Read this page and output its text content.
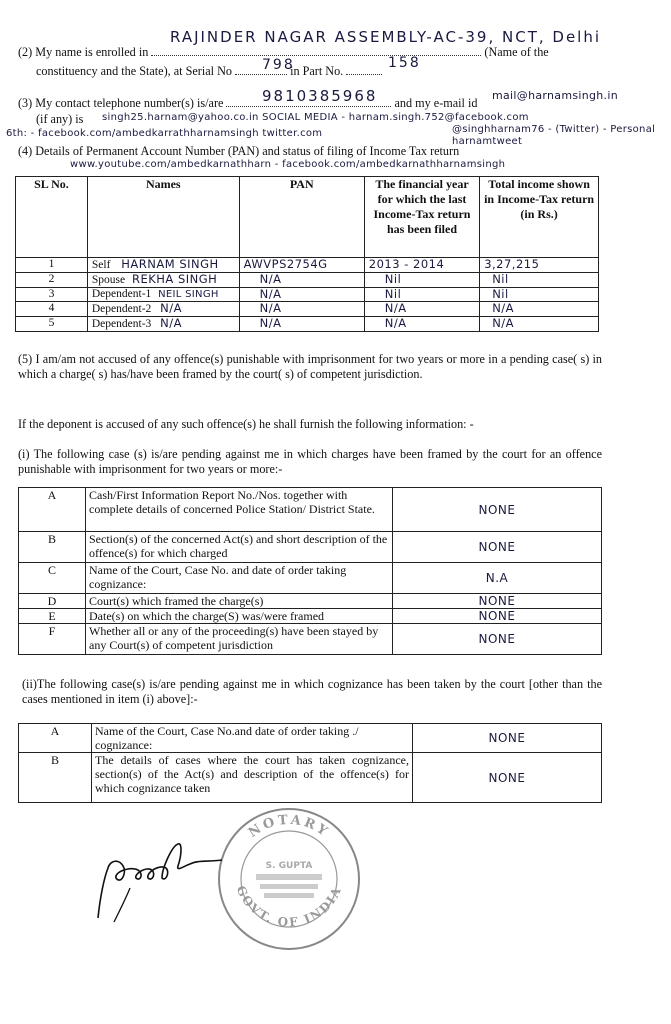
(2) My name is enrolled in	(Name of the
RAJINDER NAGAR ASSEMBLY-AC-39, NCT, Delhi
constituency and the State), at Serial No	in Part No.
798	158
mail@harnamsingh.in
(3) My contact telephone number(s) is/are	and my e-mail id
9810385968
(if any) is singh25.harnam@yahoo.co.in SOCIAL MEDIA - harnam.singh.752@facebook.com
6th: - facebook.com/ambedkarrathharnamsingh twitter.com	@singhharnam76 - (Twitter) - Personal harnamtweet
(4) Details of Permanent Account Number (PAN) and status of filing of Income Tax return
www.youtube.com/ambedkarnathharn - facebook.com/ambedkarnathharnamsingh
SL No.	Names	PAN	The financial year for which the last Income-Tax return has been filed	Total income shown in Income-Tax return (in Rs.)
1	Self HARNAM SINGH	AWVPS2754G	2013 - 2014	3,27,215
2	Spouse REKHA SINGH	N/A	Nil	Nil
3	Dependent-1 NEIL SINGH	N/A	Nil	Nil
4	Dependent-2 N/A	N/A	N/A	N/A
5	Dependent-3 N/A	N/A	N/A	N/A
(5) I am/am not accused of any offence(s) punishable with imprisonment for two years or more in a pending case( s) in which a charge( s) has/have been framed by the court( s) of competent jurisdiction.
If the deponent is accused of any such offence(s) he shall furnish the following information: -
(i) The following case (s) is/are pending against me in which charges have been framed by the court for an offence punishable with imprisonment for two years or more:-
A	Cash/First Information Report No./Nos. together with complete details of concerned Police Station/ District State.	NONE
B	Section(s) of the concerned Act(s) and short description of the offence(s) for which charged	NONE
C	Name of the Court, Case No. and date of order taking cognizance:	N.A
D	Court(s) which framed the charge(s)	NONE
E	Date(s) on which the charge(S) was/were framed	NONE
F	Whether all or any of the proceeding(s) have been stayed by any Court(s) of competent jurisdiction	NONE
(ii)The following case(s) is/are pending against me in which cognizance has been taken by the court [other than the cases mentioned in item (i) above]:-
A	Name of the Court, Case No.and date of order taking ./ cognizance:	NONE
B	The details of cases where the court has taken cognizance, section(s) of the Act(s) and description of the offence(s) for which cognizance taken	NONE
NOTARY
GOVT. OF INDIA
S. GUPTA
